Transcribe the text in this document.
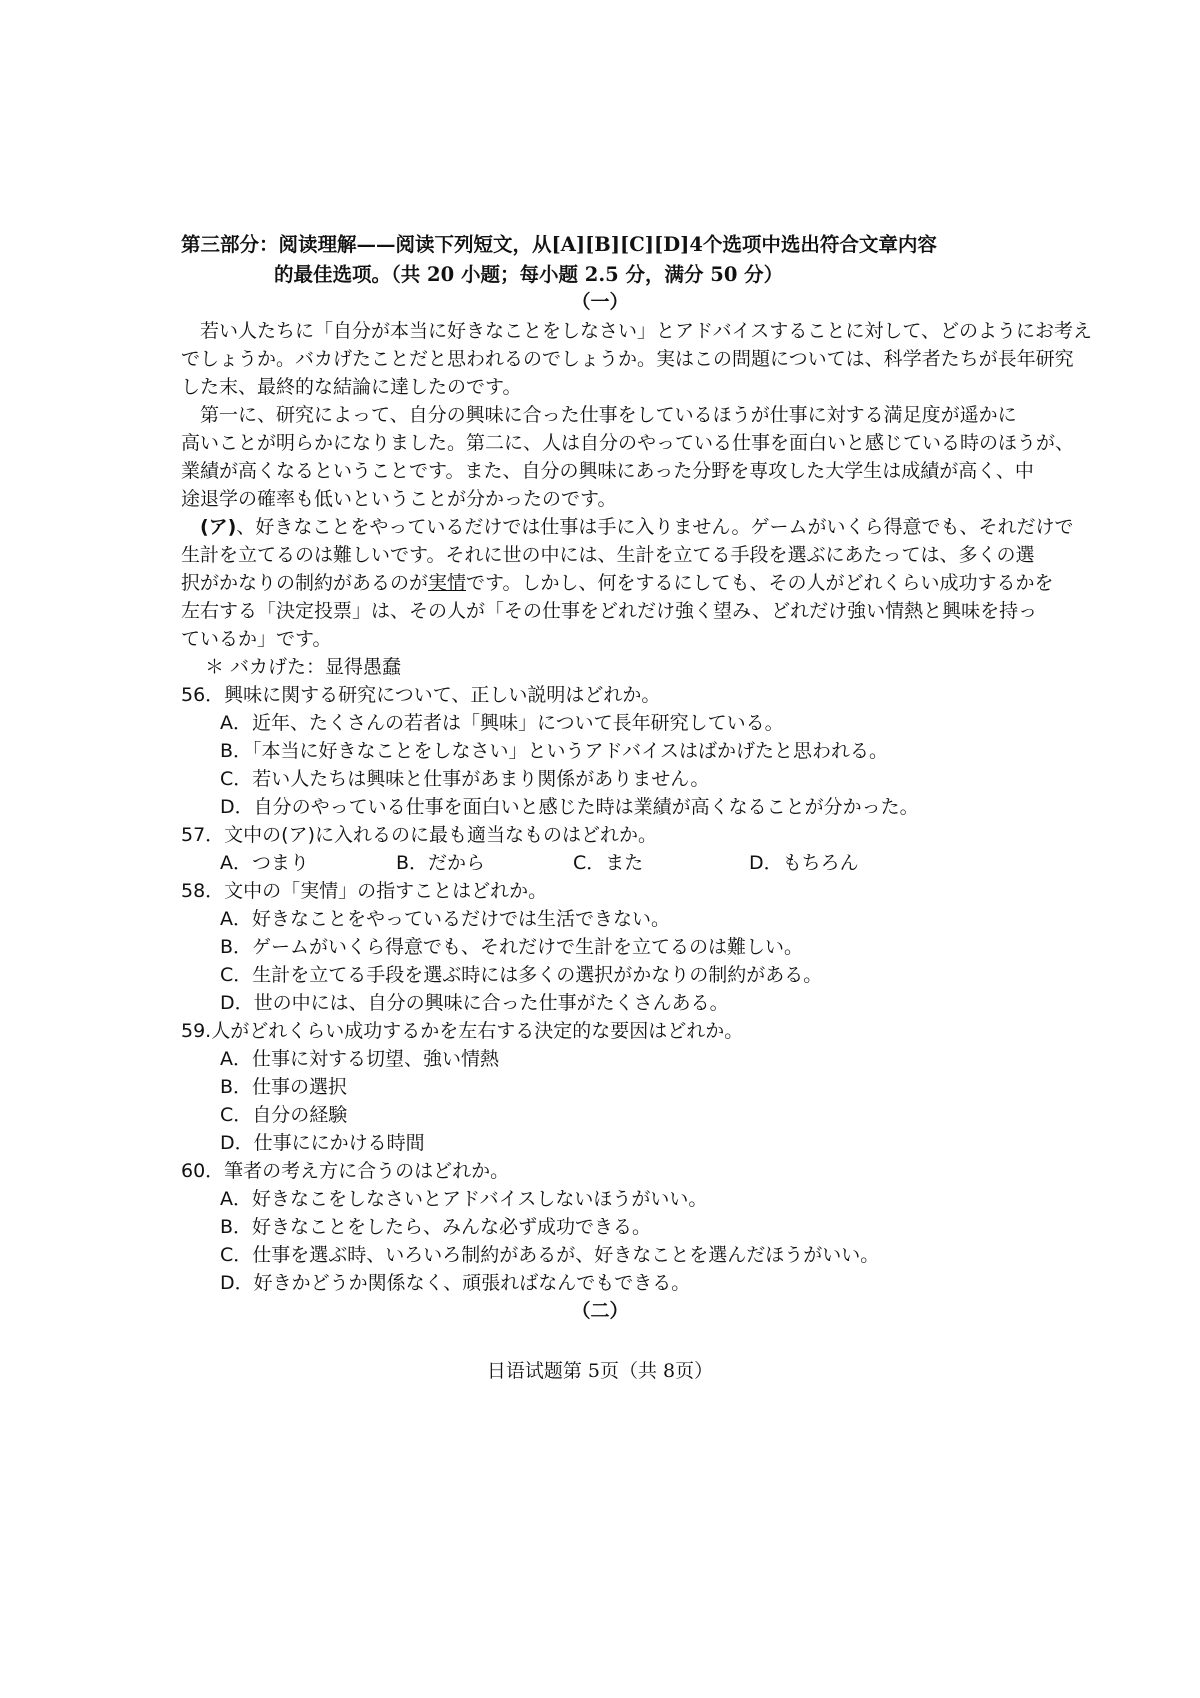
第三部分：阅读理解——阅读下列短文，从[A][B][C][D]4个选项中选出符合文章内容
的最佳选项。（共 20 小题；每小题 2.5 分，满分 50 分）
（一）
若い人たちに「自分が本当に好きなことをしなさい」とアドバイスすることに対して、どのようにお考え
でしょうか。バカげたことだと思われるのでしょうか。実はこの問題については、科学者たちが長年研究
した末、最終的な結論に達したのです。
第一に、研究によって、自分の興味に合った仕事をしているほうが仕事に対する満足度が遥かに
高いことが明らかになりました。第二に、人は自分のやっている仕事を面白いと感じている時のほうが、
業績が高くなるということです。また、自分の興味にあった分野を専攻した大学生は成績が高く、中
途退学の確率も低いということが分かったのです。
(ア)、好きなことをやっているだけでは仕事は手に入りません。ゲームがいくら得意でも、それだけで
生計を立てるのは難しいです。それに世の中には、生計を立てる手段を選ぶにあたっては、多くの選
択がかなりの制約があるのが実情です。しかし、何をするにしても、その人がどれくらい成功するかを
左右する「決定投票」は、その人が「その仕事をどれだけ強く望み、どれだけ強い情熱と興味を持っ
ているか」です。
＊ バカげた：显得愚蠢
56．興味に関する研究について、正しい説明はどれか。
A．近年、たくさんの若者は「興味」について長年研究している。
B．「本当に好きなことをしなさい」というアドバイスはばかげたと思われる。
C．若い人たちは興味と仕事があまり関係がありません。
D．自分のやっている仕事を面白いと感じた時は業績が高くなることが分かった。
57．文中の(ア)に入れるのに最も適当なものはどれか。
A．つまり	B．だから	C．また	D．もちろん
58．文中の「実情」の指すことはどれか。
A．好きなことをやっているだけでは生活できない。
B．ゲームがいくら得意でも、それだけで生計を立てるのは難しい。
C．生計を立てる手段を選ぶ時には多くの選択がかなりの制約がある。
D．世の中には、自分の興味に合った仕事がたくさんある。
59.人がどれくらい成功するかを左右する決定的な要因はどれか。
A．仕事に対する切望、強い情熱
B．仕事の選択
C．自分の経験
D．仕事ににかける時間
60．筆者の考え方に合うのはどれか。
A．好きなこをしなさいとアドバイスしないほうがいい。
B．好きなことをしたら、みんな必ず成功できる。
C．仕事を選ぶ時、いろいろ制約があるが、好きなことを選んだほうがいい。
D．好きかどうか関係なく、頑張ればなんでもできる。
（二）
日语试题第 5页（共 8页）
